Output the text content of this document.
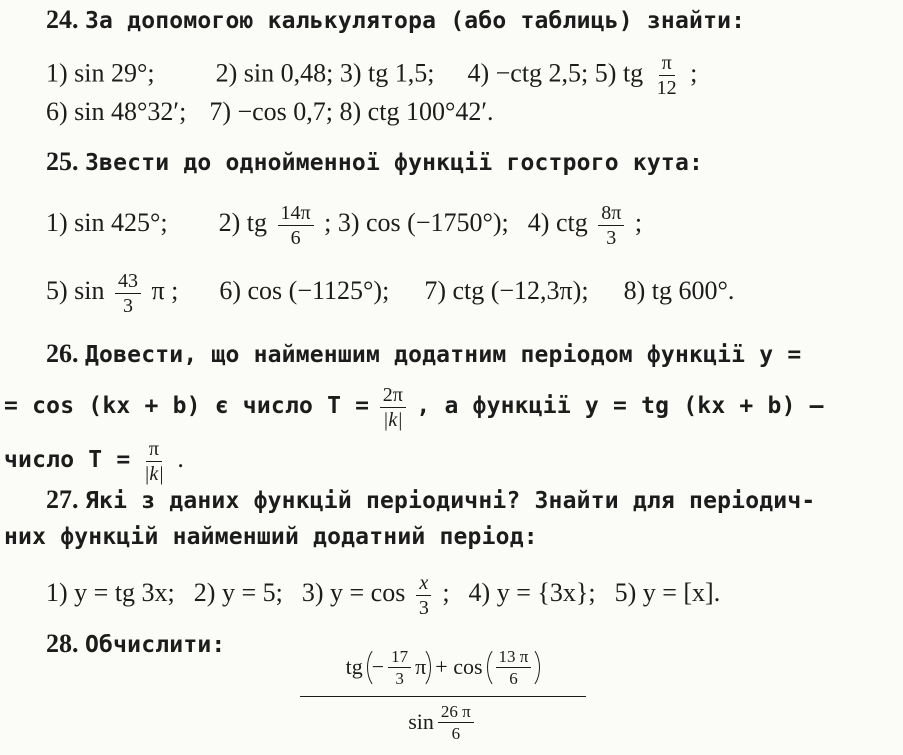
24. За допомогою калькулятора (або таблиць) знайти:
1) sin 29°; 2) sin 0,48; 3) tg 1,5; 4) −ctg 2,5; 5) tg $\frac{\pi}{12}$ ;
6) sin 48°32′; 7) −cos 0,7; 8) ctg 100°42′.
25. Звести до однойменної функції гострого кута:
1) sin 425°; 2) tg $\frac{14\pi}{6}$ ; 3) cos (−1750°); 4) ctg $\frac{8\pi}{3}$ ;
5) $\sin \frac{43}{3}$ π ; 6) cos (−1125°); 7) ctg (−12,3π); 8) tg 600°.
26. Довести, що найменшим додатним періодом функції y =
= cos (kx + b) є число $T = \frac{2\pi}{|k|}$ , а функції y = tg (kx + b) —
число $T = \frac{\pi}{|k|}$ .
27. Які з даних функцій періодичні? Знайти для періодич-
них функцій найменший додатний період:
1) y = tg 3x; 2) y = 5; 3) $y = \cos \frac{x}{3}$ ; 4) y = {3x}; 5) y = [x].
28. Обчислити:
tg − $\frac{17}{3}$ $\pi + \cos \frac{13 \pi}{6}$
$\sin \frac{26 \pi}{6}$
